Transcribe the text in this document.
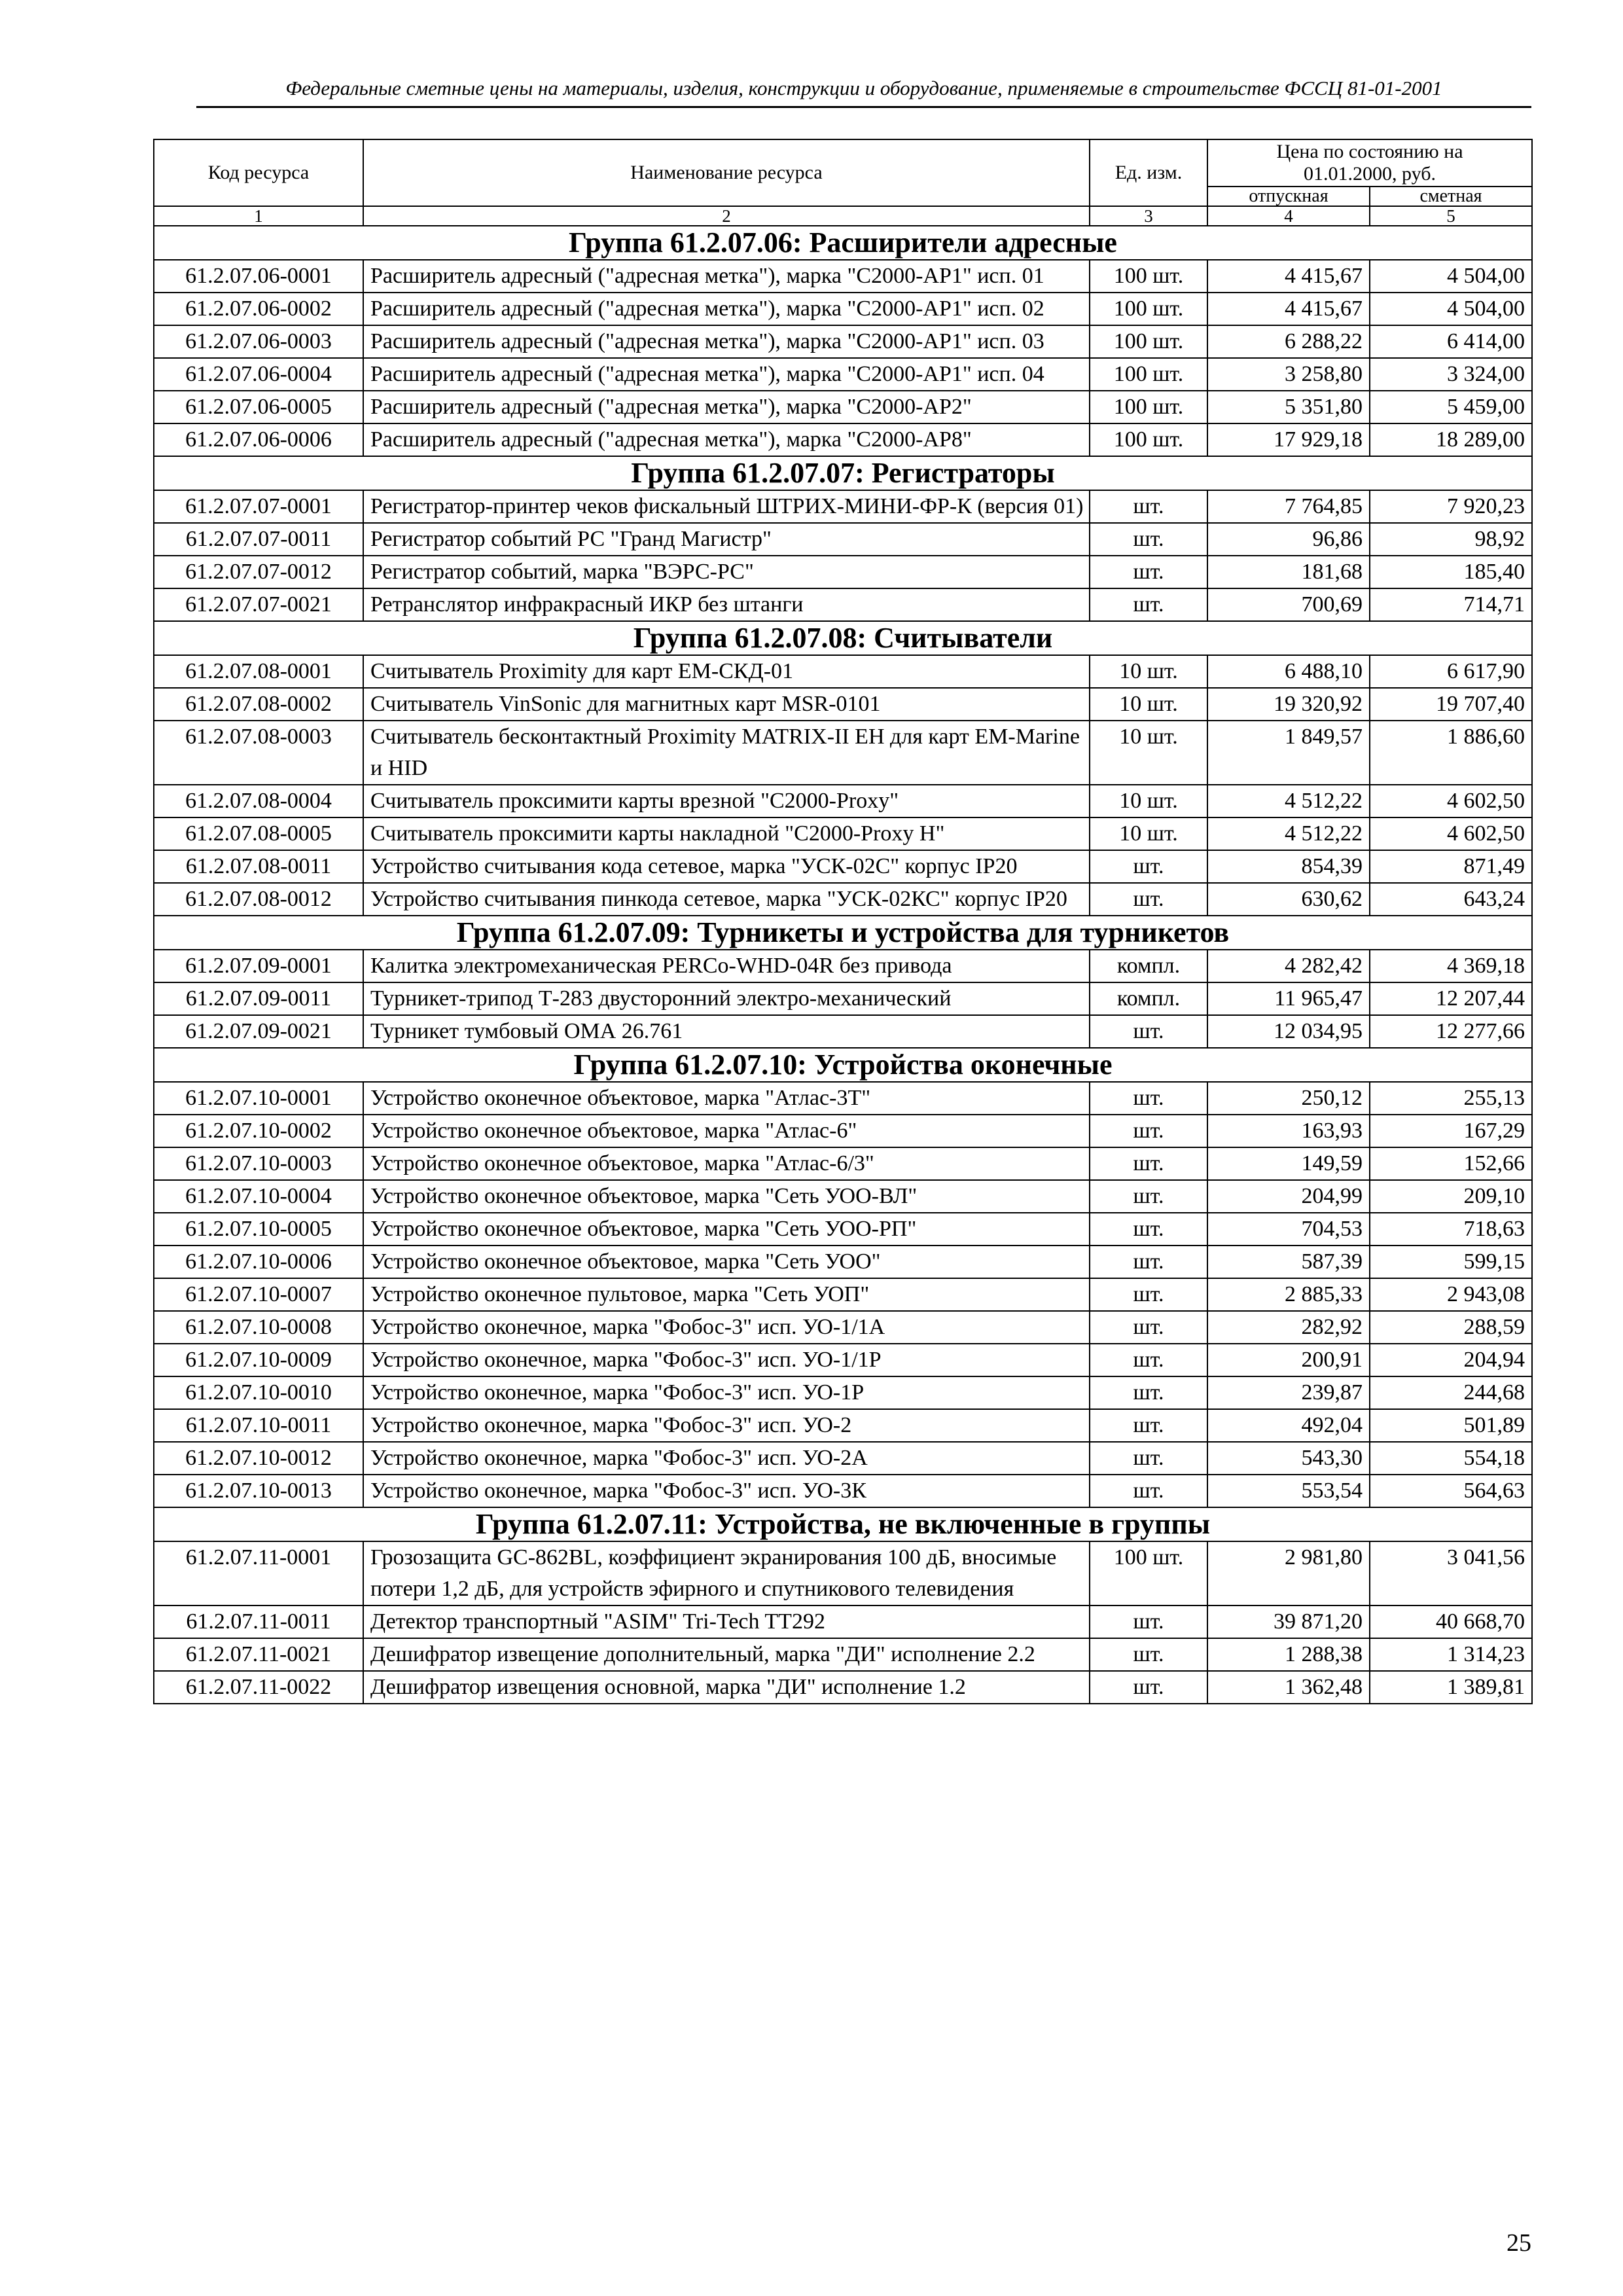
Федеральные сметные цены на материалы, изделия, конструкции и оборудование, применяемые в строительстве ФССЦ 81-01-2001
Код ресурса	Наименование ресурса	Ед. изм.	Цена по состоянию на 01.01.2000, руб.	
			отпускная	сметная
1	2	3	4	5
Группа 61.2.07.06: Расширители адресные				
61.2.07.06-0001	Расширитель адресный ("адресная метка"), марка "С2000-АР1" исп. 01	100 шт.	4 415,67	4 504,00
61.2.07.06-0002	Расширитель адресный ("адресная метка"), марка "С2000-АР1" исп. 02	100 шт.	4 415,67	4 504,00
61.2.07.06-0003	Расширитель адресный ("адресная метка"), марка "С2000-АР1" исп. 03	100 шт.	6 288,22	6 414,00
61.2.07.06-0004	Расширитель адресный ("адресная метка"), марка "С2000-АР1" исп. 04	100 шт.	3 258,80	3 324,00
61.2.07.06-0005	Расширитель адресный ("адресная метка"), марка "С2000-АР2"	100 шт.	5 351,80	5 459,00
61.2.07.06-0006	Расширитель адресный ("адресная метка"), марка "С2000-АР8"	100 шт.	17 929,18	18 289,00
Группа 61.2.07.07: Регистраторы				
61.2.07.07-0001	Регистратор-принтер чеков фискальный ШТРИХ-МИНИ-ФР-К (версия 01)	шт.	7 764,85	7 920,23
61.2.07.07-0011	Регистратор событий РС "Гранд Магистр"	шт.	96,86	98,92
61.2.07.07-0012	Регистратор событий, марка "ВЭРС-РС"	шт.	181,68	185,40
61.2.07.07-0021	Ретранслятор инфракрасный ИКР без штанги	шт.	700,69	714,71
Группа 61.2.07.08: Считыватели				
61.2.07.08-0001	Считыватель Proximity для карт ЕМ-СКД-01	10 шт.	6 488,10	6 617,90
61.2.07.08-0002	Считыватель VinSonic для магнитных карт MSR-0101	10 шт.	19 320,92	19 707,40
61.2.07.08-0003	Считыватель бесконтактный Proximity MATRIX-II EH для карт EM-Marine и HID	10 шт.	1 849,57	1 886,60
61.2.07.08-0004	Считыватель проксимити карты врезной "С2000-Proxy"	10 шт.	4 512,22	4 602,50
61.2.07.08-0005	Считыватель проксимити карты накладной "С2000-Proxy Н"	10 шт.	4 512,22	4 602,50
61.2.07.08-0011	Устройство считывания кода сетевое, марка "УСК-02С" корпус IP20	шт.	854,39	871,49
61.2.07.08-0012	Устройство считывания пинкода сетевое, марка "УСК-02КС" корпус IP20	шт.	630,62	643,24
Группа 61.2.07.09: Турникеты и устройства для турникетов				
61.2.07.09-0001	Калитка электромеханическая PERCo-WHD-04R без привода	компл.	4 282,42	4 369,18
61.2.07.09-0011	Турникет-трипод Т-283 двусторонний электро-механический	компл.	11 965,47	12 207,44
61.2.07.09-0021	Турникет тумбовый ОМА 26.761	шт.	12 034,95	12 277,66
Группа 61.2.07.10: Устройства оконечные				
61.2.07.10-0001	Устройство оконечное объектовое, марка "Атлас-3Т"	шт.	250,12	255,13
61.2.07.10-0002	Устройство оконечное объектовое, марка "Атлас-6"	шт.	163,93	167,29
61.2.07.10-0003	Устройство оконечное объектовое, марка "Атлас-6/3"	шт.	149,59	152,66
61.2.07.10-0004	Устройство оконечное объектовое, марка "Сеть УОО-ВЛ"	шт.	204,99	209,10
61.2.07.10-0005	Устройство оконечное объектовое, марка "Сеть УОО-РП"	шт.	704,53	718,63
61.2.07.10-0006	Устройство оконечное объектовое, марка "Сеть УОО"	шт.	587,39	599,15
61.2.07.10-0007	Устройство оконечное пультовое, марка "Сеть УОП"	шт.	2 885,33	2 943,08
61.2.07.10-0008	Устройство оконечное, марка "Фобос-3" исп. УО-1/1А	шт.	282,92	288,59
61.2.07.10-0009	Устройство оконечное, марка "Фобос-3" исп. УО-1/1Р	шт.	200,91	204,94
61.2.07.10-0010	Устройство оконечное, марка "Фобос-3" исп. УО-1Р	шт.	239,87	244,68
61.2.07.10-0011	Устройство оконечное, марка "Фобос-3" исп. УО-2	шт.	492,04	501,89
61.2.07.10-0012	Устройство оконечное, марка "Фобос-3" исп. УО-2А	шт.	543,30	554,18
61.2.07.10-0013	Устройство оконечное, марка "Фобос-3" исп. УО-3К	шт.	553,54	564,63
Группа 61.2.07.11: Устройства, не включенные в группы				
61.2.07.11-0001	Грозозащита GC-862BL, коэффициент экранирования 100 дБ, вносимые потери 1,2 дБ, для устройств эфирного и спутникового телевидения	100 шт.	2 981,80	3 041,56
61.2.07.11-0011	Детектор транспортный "ASIM" Tri-Tech TT292	шт.	39 871,20	40 668,70
61.2.07.11-0021	Дешифратор извещение дополнительный, марка "ДИ" исполнение 2.2	шт.	1 288,38	1 314,23
61.2.07.11-0022	Дешифратор извещения основной, марка "ДИ" исполнение 1.2	шт.	1 362,48	1 389,81
25
